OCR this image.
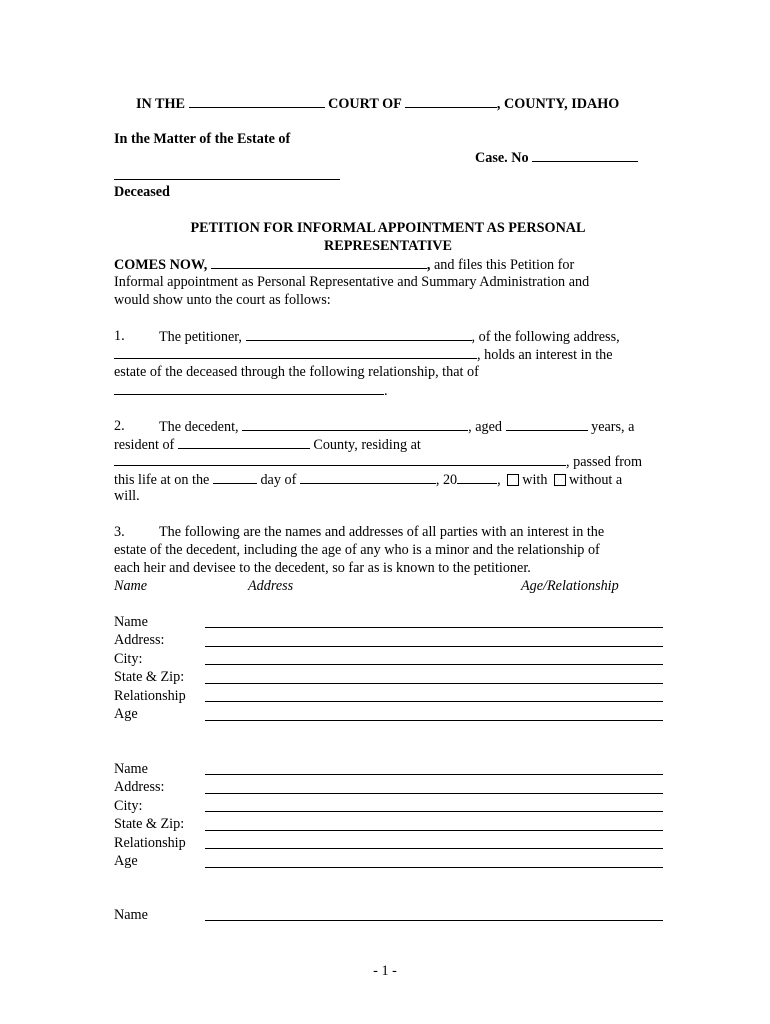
IN THE	COURT OF	, COUNTY, IDAHO
In the Matter of the Estate of
Case. No
Deceased
PETITION FOR INFORMAL APPOINTMENT AS PERSONAL
REPRESENTATIVE
COMES NOW,	, and files this Petition for
Informal appointment as Personal Representative and Summary Administration and
would show unto the court as follows:
1. The petitioner,	, of the following address,
, holds an interest in the
estate of the deceased through the following relationship, that of
.
2. The decedent,	, aged	years, a
resident of	County, residing at
, passed from
this life at on the	day of	, 20	, with without a
will.
3. The following are the names and addresses of all parties with an interest in the
estate of the decedent, including the age of any who is a minor and the relationship of
each heir and devisee to the decedent, so far as is known to the petitioner.
Name	Address	Age/Relationship
Name
Address:
City:
State & Zip:
Relationship
Age
Name
Address:
City:
State & Zip:
Relationship
Age
Name
- 1 -
